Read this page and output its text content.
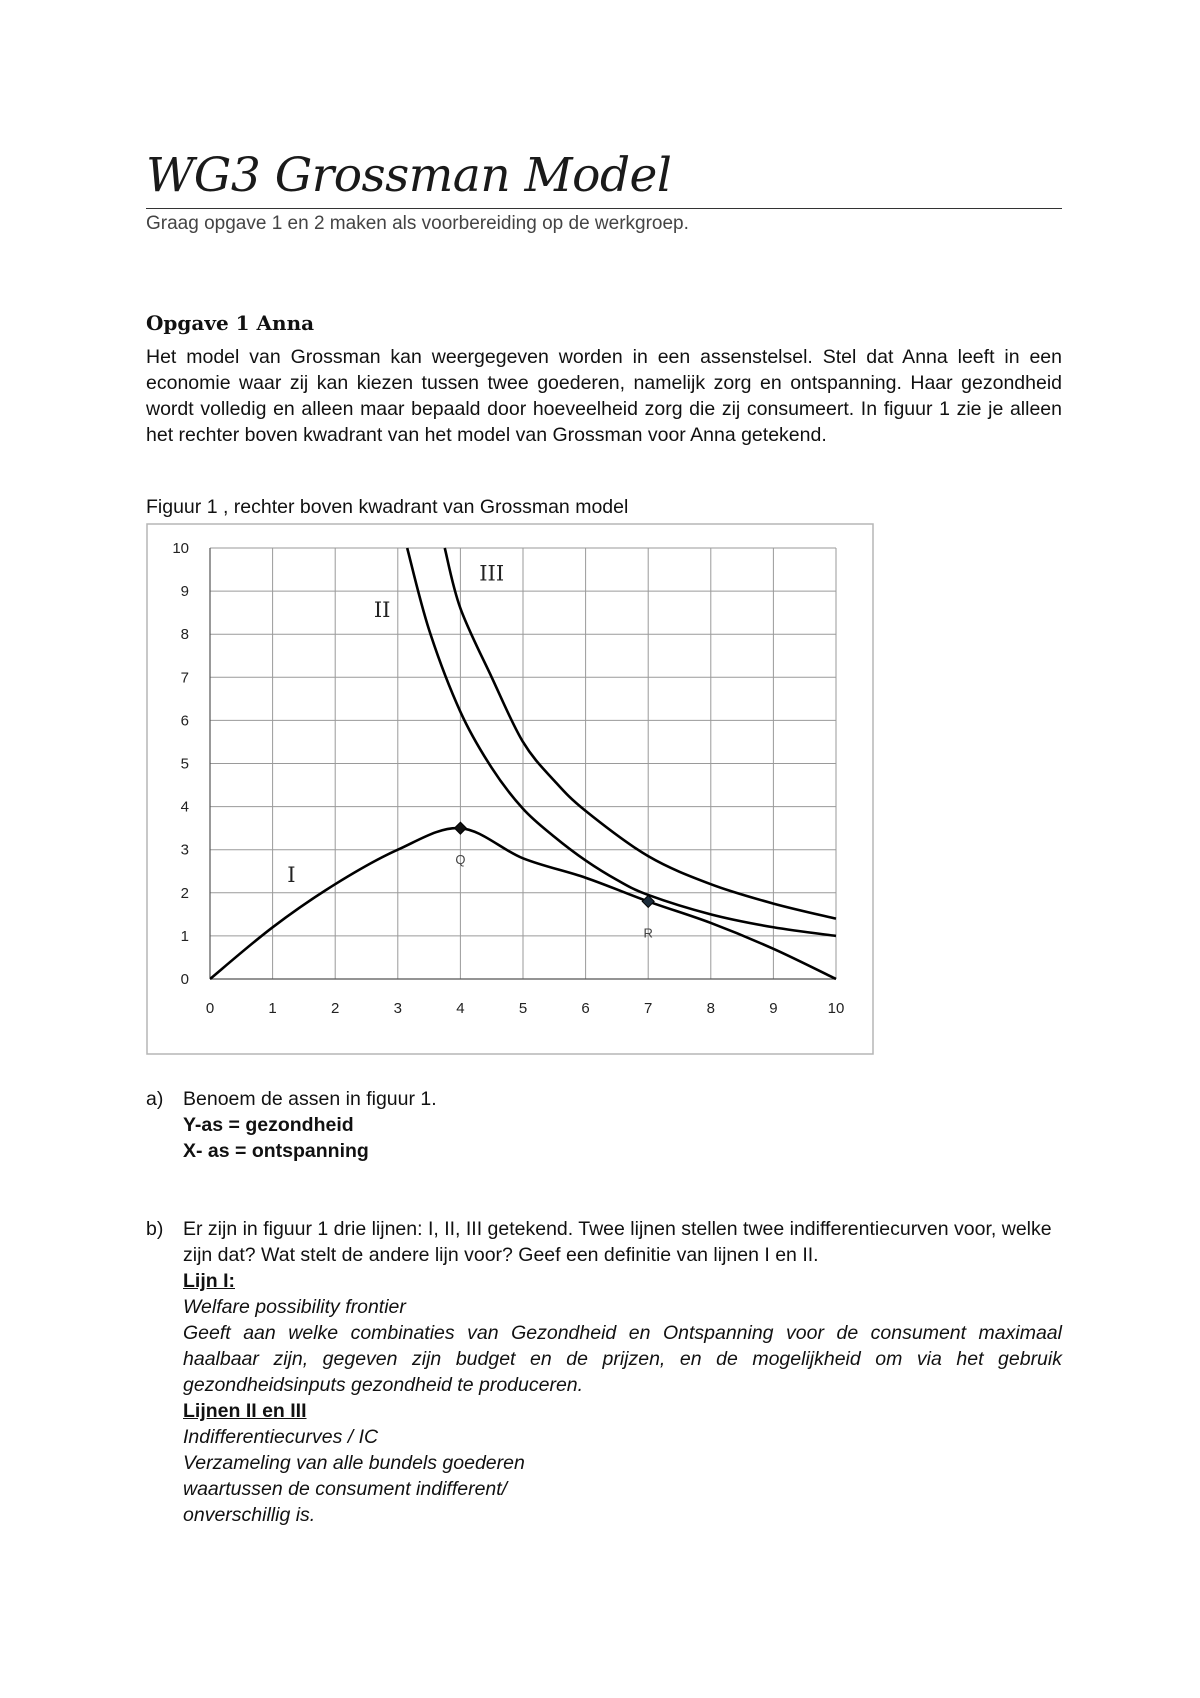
WG3 Grossman Model
Graag opgave 1 en 2 maken als voorbereiding op de werkgroep.
Opgave 1 Anna
Het model van Grossman kan weergegeven worden in een assenstelsel. Stel dat Anna leeft in een economie waar zij kan kiezen tussen twee goederen, namelijk zorg en ontspanning. Haar gezondheid wordt volledig en alleen maar bepaald door hoeveelheid zorg die zij consumeert. In figuur 1 zie je alleen het rechter boven kwadrant van het model van Grossman voor Anna getekend.
Figuur 1 , rechter boven kwadrant van Grossman model
0	1	2	3	4	5	6	7	8	9	10
0
1
2
3
4
5
6
7
8
9
10
I
II
III
Q
R
a) Benoem de assen in figuur 1.
Y-as = gezondheid
X- as = ontspanning
b) Er zijn in figuur 1 drie lijnen: I, II, III getekend. Twee lijnen stellen twee indifferentiecurven voor, welke zijn dat? Wat stelt de andere lijn voor? Geef een definitie van lijnen I en II.
Lijn I:
Welfare possibility frontier
Geeft aan welke combinaties van Gezondheid en Ontspanning voor de consument maximaal haalbaar zijn, gegeven zijn budget en de prijzen, en de mogelijkheid om via het gebruik gezondheidsinputs gezondheid te produceren.
Lijnen II en III
Indifferentiecurves / IC
Verzameling van alle bundels goederen
waartussen de consument indifferent/
onverschillig is.
